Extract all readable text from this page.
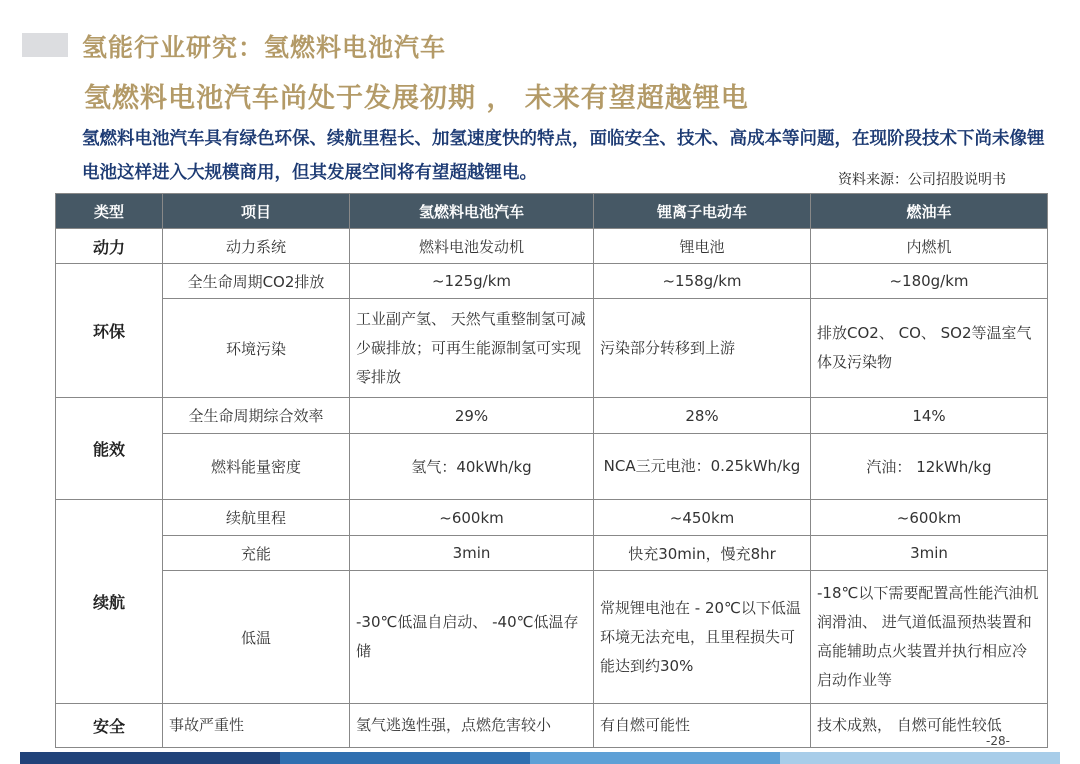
氢能行业研究：氢燃料电池汽车
氢燃料电池汽车尚处于发展初期 ， 未来有望超越锂电
氢燃料电池汽车具有绿色环保、续航里程长、加氢速度快的特点，面临安全、技术、高成本等问题，在现阶段技术下尚未像锂电池这样进入大规模商用，但其发展空间将有望超越锂电。	资料来源：公司招股说明书
类型	项目	氢燃料电池汽车	锂离子电动车	燃油车
动力	动力系统	燃料电池发动机	锂电池	内燃机
环保	全生命周期CO2排放	~125g/km	~158g/km	~180g/km
	环境污染	工业副产氢、 天然气重整制氢可减少碳排放；可再生能源制氢可实现零排放	污染部分转移到上游	排放CO2、 CO、 SO2等温室气体及污染物
能效	全生命周期综合效率	29%	28%	14%
	燃料能量密度	氢气：40kWh/kg	NCA三元电池：0.25kWh/kg	汽油： 12kWh/kg
续航	续航里程	~600km	~450km	~600km
	充能	3min	快充30min，慢充8hr	3min
	低温	-30℃低温自启动、 -40℃低温存储	常规锂电池在 - 20℃以下低温环境无法充电，且里程损失可能达到约30%	-18℃以下需要配置高性能汽油机润滑油、 进气道低温预热装置和高能辅助点火装置并执行相应冷启动作业等
安全	事故严重性	氢气逃逸性强，点燃危害较小	有自燃可能性	技术成熟， 自燃可能性较低
-28-
